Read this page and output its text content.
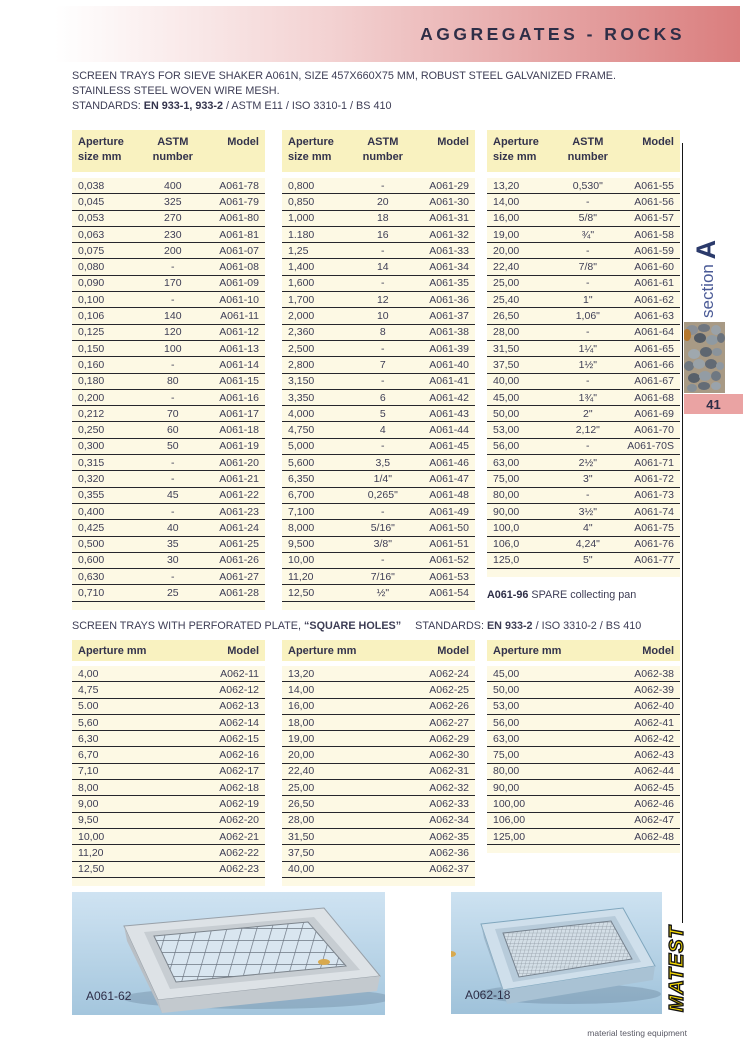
AGGREGATES - ROCKS
SCREEN TRAYS FOR SIEVE SHAKER A061N, SIZE 457X660X75 MM, ROBUST STEEL GALVANIZED FRAME.
STAINLESS STEEL WOVEN WIRE MESH.
STANDARDS: EN 933-1, 933-2 / ASTM E11 / ISO 3310-1 / BS 410
Aperture
size mm
ASTM
number
Model
0,038	400	A061-78
0,045	325	A061-79
0,053	270	A061-80
0,063	230	A061-81
0,075	200	A061-07
0,080	-	A061-08
0,090	170	A061-09
0,100	-	A061-10
0,106	140	A061-11
0,125	120	A061-12
0,150	100	A061-13
0,160	-	A061-14
0,180	80	A061-15
0,200	-	A061-16
0,212	70	A061-17
0,250	60	A061-18
0,300	50	A061-19
0,315	-	A061-20
0,320	-	A061-21
0,355	45	A061-22
0,400	-	A061-23
0,425	40	A061-24
0,500	35	A061-25
0,600	30	A061-26
0,630	-	A061-27
0,710	25	A061-28
Aperture
size mm
ASTM
number
Model
0,800	-	A061-29
0,850	20	A061-30
1,000	18	A061-31
1.180	16	A061-32
1,25	-	A061-33
1,400	14	A061-34
1,600	-	A061-35
1,700	12	A061-36
2,000	10	A061-37
2,360	8	A061-38
2,500	-	A061-39
2,800	7	A061-40
3,150	-	A061-41
3,350	6	A061-42
4,000	5	A061-43
4,750	4	A061-44
5,000	-	A061-45
5,600	3,5	A061-46
6,350	1/4"	A061-47
6,700	0,265"	A061-48
7,100	-	A061-49
8,000	5/16"	A061-50
9,500	3/8"	A061-51
10,00	-	A061-52
11,20	7/16"	A061-53
12,50	½"	A061-54
Aperture
size mm
ASTM
number
Model
13,20	0,530"	A061-55
14,00	-	A061-56
16,00	5/8"	A061-57
19,00	¾"	A061-58
20,00	-	A061-59
22,40	7/8"	A061-60
25,00	-	A061-61
25,40	1"	A061-62
26,50	1,06"	A061-63
28,00	-	A061-64
31,50	1¼"	A061-65
37,50	1½"	A061-66
40,00	-	A061-67
45,00	1¾"	A061-68
50,00	2"	A061-69
53,00	2,12"	A061-70
56,00	-	A061-70S
63,00	2½"	A061-71
75,00	3"	A061-72
80,00	-	A061-73
90,00	3½"	A061-74
100,0	4"	A061-75
106,0	4,24"	A061-76
125,0	5"	A061-77
A061-96 SPARE collecting pan
SCREEN TRAYS WITH PERFORATED PLATE, “SQUARE HOLES” STANDARDS: EN 933-2 / ISO 3310-2 / BS 410
Aperture mm	Model
4,00	A062-11
4,75	A062-12
5.00	A062-13
5,60	A062-14
6,30	A062-15
6,70	A062-16
7,10	A062-17
8,00	A062-18
9,00	A062-19
9,50	A062-20
10,00	A062-21
11,20	A062-22
12,50	A062-23
Aperture mm	Model
13,20	A062-24
14,00	A062-25
16,00	A062-26
18,00	A062-27
19,00	A062-29
20,00	A062-30
22,40	A062-31
25,00	A062-32
26,50	A062-33
28,00	A062-34
31,50	A062-35
37,50	A062-36
40,00	A062-37
Aperture mm	Model
45,00	A062-38
50,00	A062-39
53,00	A062-40
56,00	A062-41
63,00	A062-42
75,00	A062-43
80,00	A062-44
90,00	A062-45
100,00	A062-46
106,00	A062-47
125,00	A062-48
A061-62	A062-18
section A
41
MATEST
material testing equipment
